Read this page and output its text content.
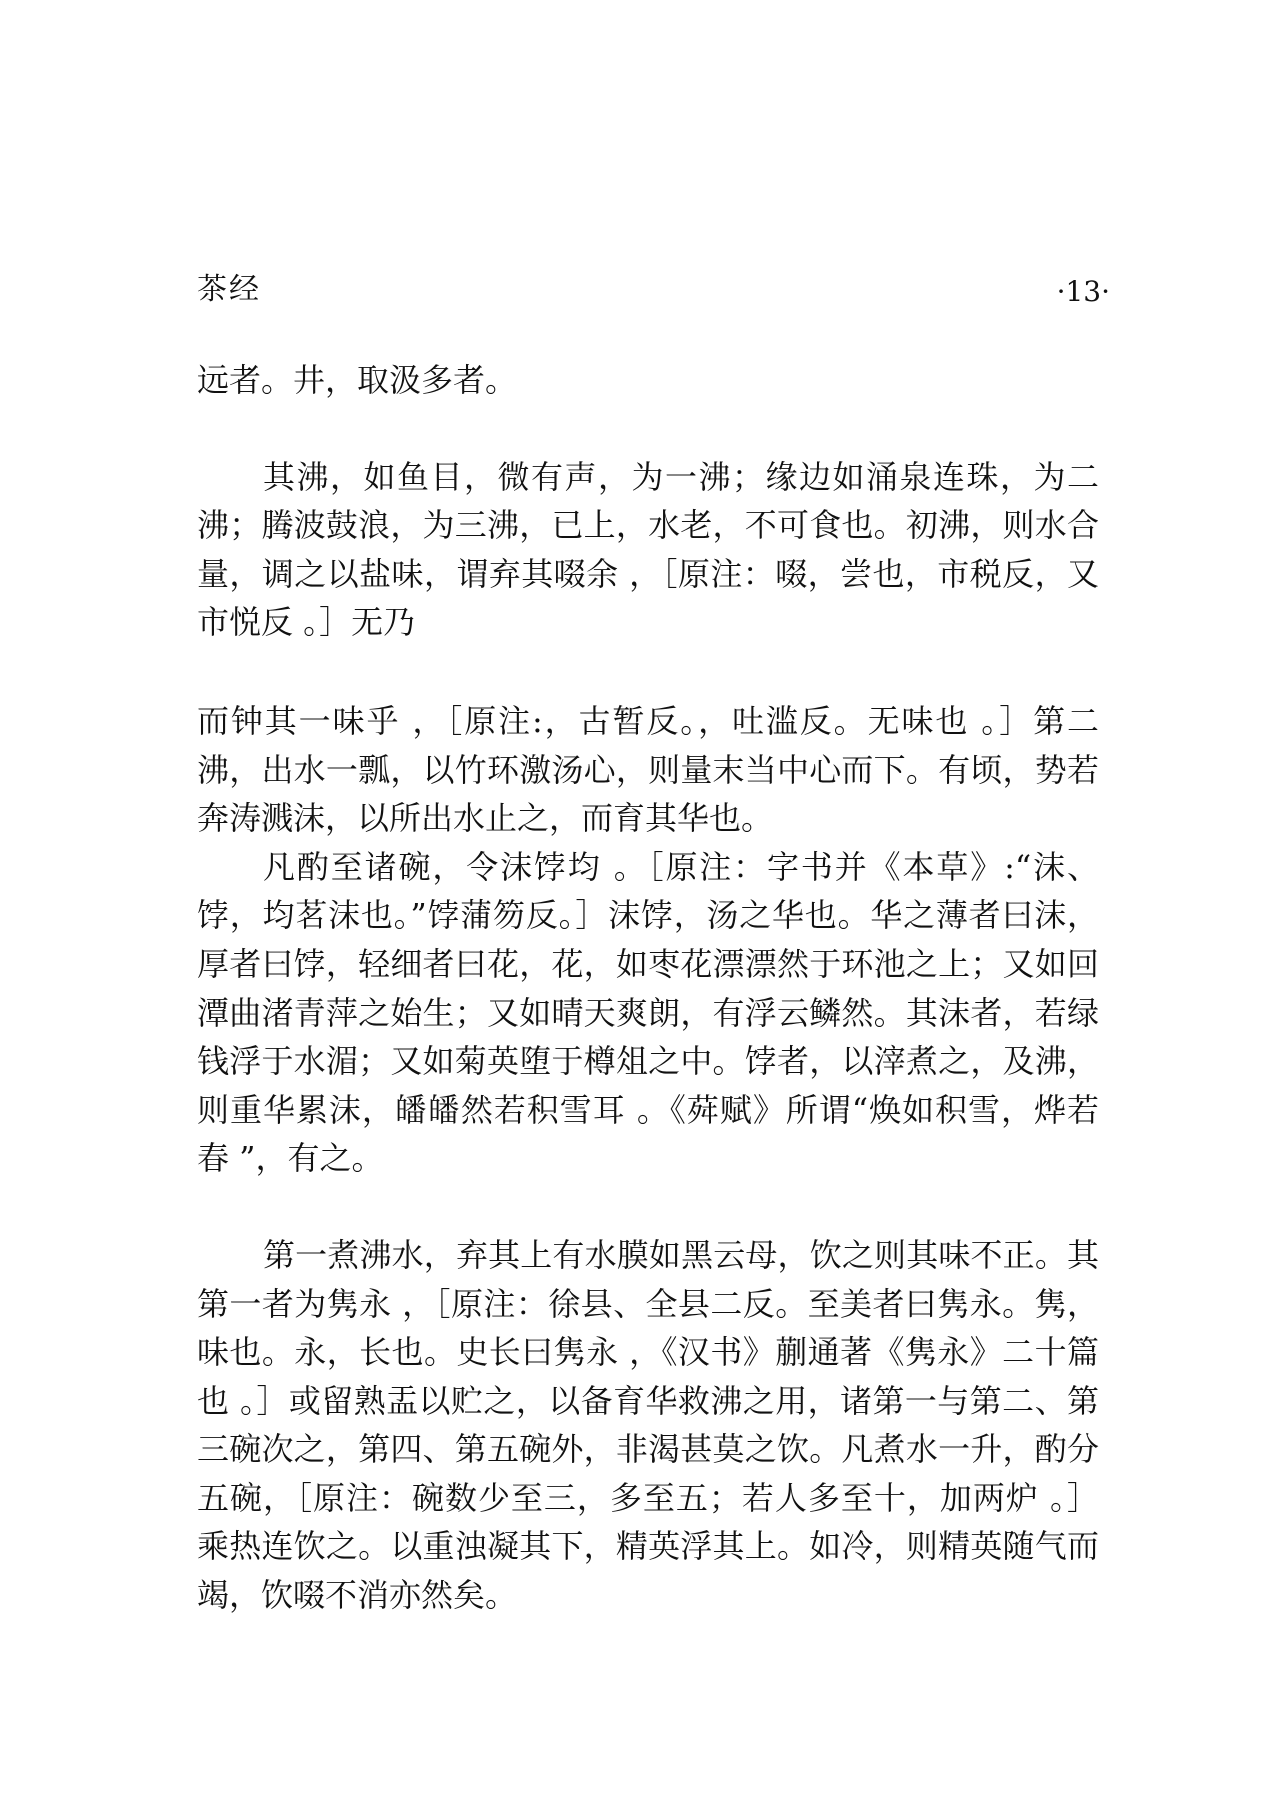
茶经	·13·

远者。井，取汲多者。

其沸，如鱼目，微有声，为一沸；缘边如涌泉连珠，为二沸；腾波鼓浪，为三沸，已上，水老，不可食也。初沸，则水合量，调之以盐味，谓弃其啜余 ，［原注：啜，尝也，市税反，又市悦反 。］无乃

而钟其一味乎 ，［原注:，古暂反。，吐滥反。无味也 。］第二沸，出水一瓢，以竹环激汤心，则量末当中心而下。有顷，势若奔涛溅沫，以所出水止之，而育其华也。

凡酌至诸碗，令沫饽均 。［原注：字书并《本草》:“沫、饽，均茗沫也。”饽蒲笏反。］沫饽，汤之华也。华之薄者曰沫，厚者曰饽，轻细者曰花，花，如枣花漂漂然于环池之上；又如回潭曲渚青萍之始生；又如晴天爽朗，有浮云鳞然。其沫者，若绿钱浮于水湄；又如菊英堕于樽俎之中。饽者，以滓煮之，及沸，则重华累沫，皤皤然若积雪耳 。《荈赋》所谓“焕如积雪，烨若春 ”，有之。

第一煮沸水，弃其上有水膜如黑云母，饮之则其味不正。其第一者为隽永 ，［原注：徐县、全县二反。至美者曰隽永。隽，味也。永，长也。史长曰隽永 ，《汉书》蒯通著《隽永》二十篇也 。］或留熟盂以贮之，以备育华救沸之用，诸第一与第二、第三碗次之，第四、第五碗外，非渴甚莫之饮。凡煮水一升，酌分五碗，［原注：碗数少至三，多至五；若人多至十，加两炉 。］乘热连饮之。以重浊凝其下，精英浮其上。如冷，则精英随气而竭，饮啜不消亦然矣。
